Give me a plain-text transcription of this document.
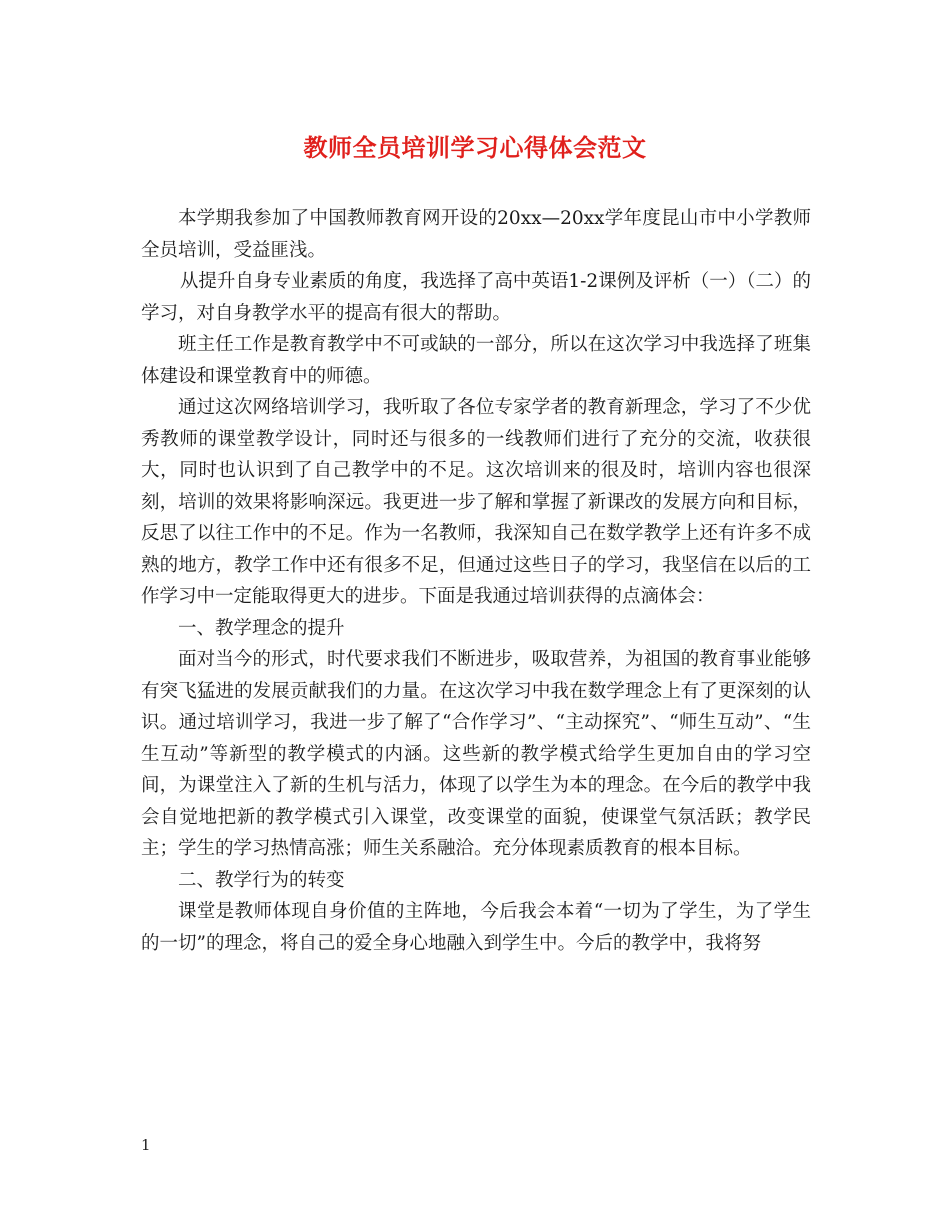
教师全员培训学习心得体会范文

本学期我参加了中国教师教育网开设的20xx—20xx学年度昆山市中小学教师全员培训，受益匪浅。

从提升自身专业素质的角度，我选择了高中英语1-2课例及评析（一）（二）的学习，对自身教学水平的提高有很大的帮助。

班主任工作是教育教学中不可或缺的一部分，所以在这次学习中我选择了班集体建设和课堂教育中的师德。

通过这次网络培训学习，我听取了各位专家学者的教育新理念，学习了不少优秀教师的课堂教学设计，同时还与很多的一线教师们进行了充分的交流，收获很大，同时也认识到了自己教学中的不足。这次培训来的很及时，培训内容也很深刻，培训的效果将影响深远。我更进一步了解和掌握了新课改的发展方向和目标，反思了以往工作中的不足。作为一名教师，我深知自己在数学教学上还有许多不成熟的地方，教学工作中还有很多不足，但通过这些日子的学习，我坚信在以后的工作学习中一定能取得更大的进步。下面是我通过培训获得的点滴体会：

一、教学理念的提升

面对当今的形式，时代要求我们不断进步，吸取营养，为祖国的教育事业能够有突飞猛进的发展贡献我们的力量。在这次学习中我在数学理念上有了更深刻的认识。通过培训学习，我进一步了解了“合作学习”、“主动探究”、“师生互动”、“生生互动”等新型的教学模式的内涵。这些新的教学模式给学生更加自由的学习空间，为课堂注入了新的生机与活力，体现了以学生为本的理念。在今后的教学中我会自觉地把新的教学模式引入课堂，改变课堂的面貌，使课堂气氛活跃；教学民主；学生的学习热情高涨；师生关系融洽。充分体现素质教育的根本目标。

二、教学行为的转变

课堂是教师体现自身价值的主阵地，今后我会本着“一切为了学生，为了学生的一切”的理念，将自己的爱全身心地融入到学生中。今后的教学中，我将努

1
